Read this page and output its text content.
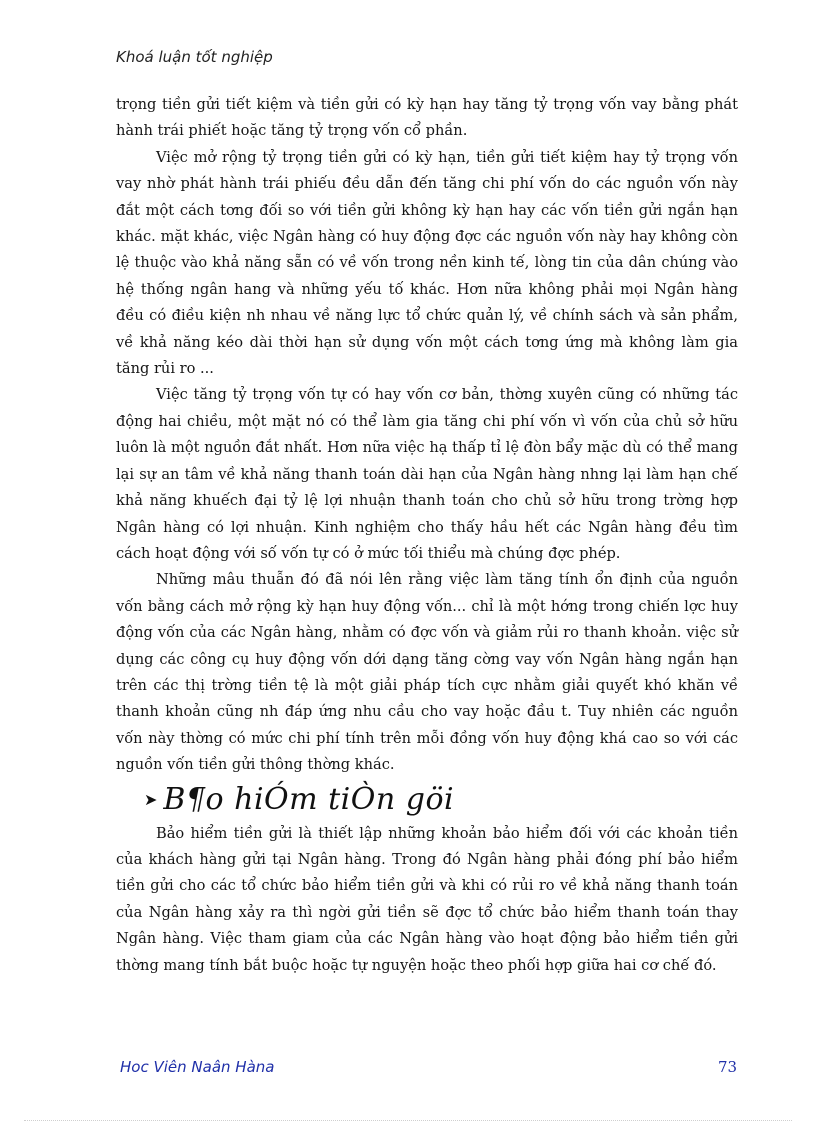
Khoá luận tốt nghiệp

trọng tiền gửi tiết kiệm và tiền gửi có kỳ hạn hay tăng tỷ trọng vốn vay bằng phát hành trái phiết hoặc tăng tỷ trọng vốn cổ phần.

Việc mở rộng tỷ trọng tiền gửi có kỳ hạn, tiền gửi tiết kiệm hay tỷ trọng vốn vay nhờ phát hành trái phiếu đều dẫn đến tăng chi phí vốn do các nguồn vốn này đắt một cách tơng đối so với tiền gửi không kỳ hạn hay các vốn tiền gửi ngắn hạn khác. mặt khác, việc Ngân hàng có huy động đợc các nguồn vốn này hay không còn lệ thuộc vào khả năng sẵn có về vốn trong nền kinh tế, lòng tin của dân chúng vào hệ thống ngân hang và những yếu tố khác. Hơn nữa không phải mọi Ngân hàng đều có điều kiện nh nhau về năng lực tổ chức quản lý, về chính sách và sản phẩm, về khả năng kéo dài thời hạn sử dụng vốn một cách tơng ứng mà không làm gia tăng rủi ro ...

Việc tăng tỷ trọng vốn tự có hay vốn cơ bản, thờng xuyên cũng có những tác động hai chiều, một mặt nó có thể làm gia tăng chi phí vốn vì vốn của chủ sở hữu luôn là một nguồn đắt nhất. Hơn nữa việc hạ thấp tỉ lệ đòn bẩy mặc dù có thể mang lại sự an tâm về khả năng thanh toán dài hạn của Ngân hàng nhng lại làm hạn chế khả năng khuếch đại tỷ lệ lợi nhuận thanh toán cho chủ sở hữu trong trờng hợp Ngân hàng có lợi nhuận. Kinh nghiệm cho thấy hầu hết các Ngân hàng đều tìm cách hoạt động với số vốn tự có ở mức tối thiểu mà chúng đợc phép.

Những mâu thuẫn đó đã nói lên rằng việc làm tăng tính ổn định của nguồn vốn bằng cách mở rộng kỳ hạn huy động vốn... chỉ là một hớng trong chiến lợc huy động vốn của các Ngân hàng, nhằm có đợc vốn và giảm rủi ro thanh khoản. việc sử dụng các công cụ huy động vốn dới dạng tăng cờng vay vốn Ngân hàng ngắn hạn trên các thị trờng tiền tệ là một giải pháp tích cực nhằm giải quyết khó khăn về thanh khoản cũng nh đáp ứng nhu cầu cho vay hoặc đầu t. Tuy nhiên các nguồn vốn này thờng có mức chi phí tính trên mỗi đồng vốn huy động khá cao so với các nguồn vốn tiền gửi thông thờng khác.

➤ B¶o hiÓm tiÒn göi

Bảo hiểm tiền gửi là thiết lập những khoản bảo hiểm đối với các khoản tiền của khách hàng gửi tại Ngân hàng. Trong đó Ngân hàng phải đóng phí bảo hiểm tiền gửi cho các tổ chức bảo hiểm tiền gửi và khi có rủi ro về khả năng thanh toán của Ngân hàng xảy ra thì ngời gửi tiền sẽ đợc tổ chức bảo hiểm thanh toán thay Ngân hàng. Việc tham giam của các Ngân hàng vào hoạt động bảo hiểm tiền gửi thờng mang tính bắt buộc hoặc tự nguyện hoặc theo phối hợp giữa hai cơ chế đó.

Hoc Viên Naân Hàna	73
